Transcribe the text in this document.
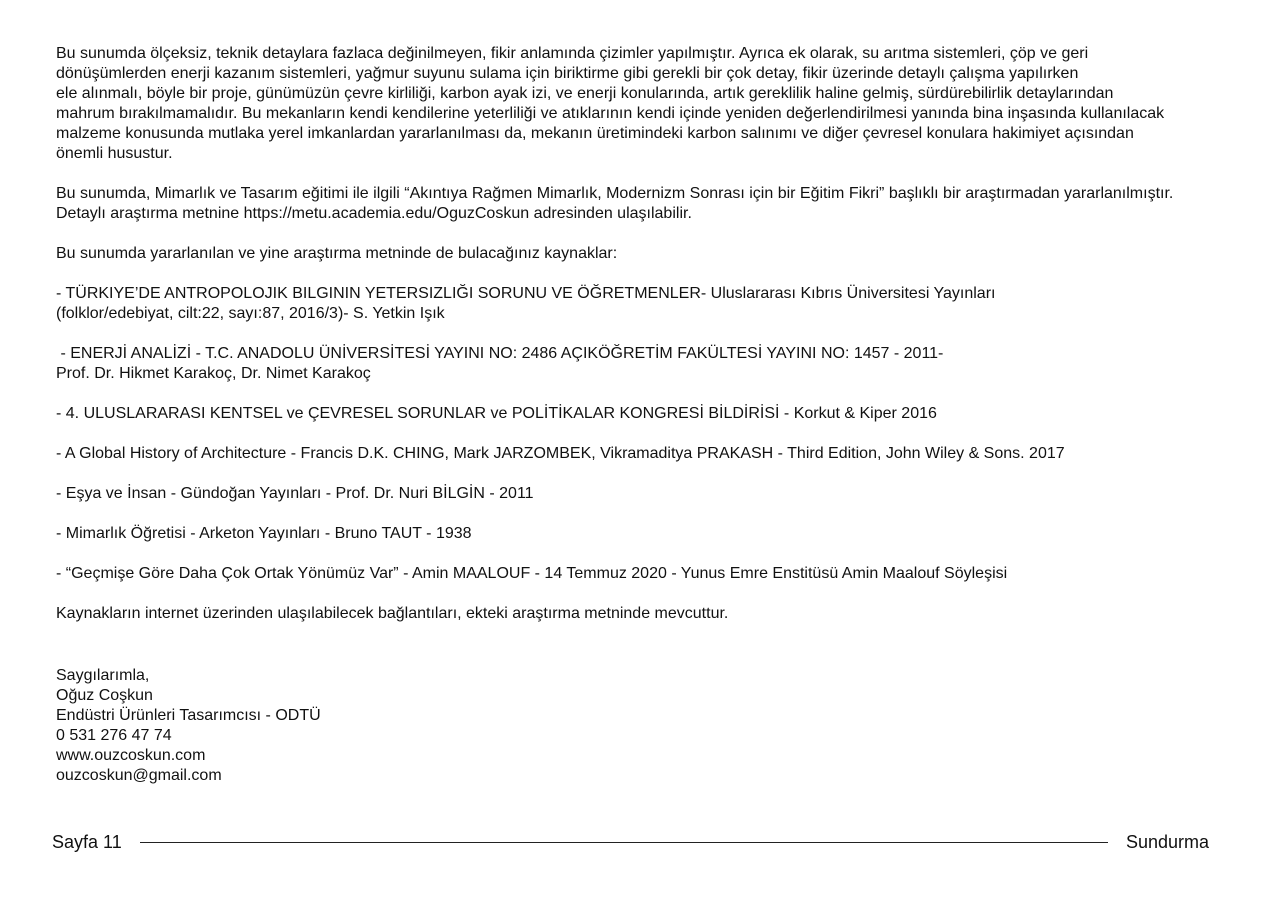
Bu sunumda ölçeksiz, teknik detaylara fazlaca değinilmeyen, fikir anlamında çizimler yapılmıştır. Ayrıca ek olarak, su arıtma sistemleri, çöp ve geri
dönüşümlerden enerji kazanım sistemleri, yağmur suyunu sulama için biriktirme gibi gerekli bir çok detay, fikir üzerinde detaylı çalışma yapılırken
ele alınmalı, böyle bir proje, günümüzün çevre kirliliği, karbon ayak izi, ve enerji konularında, artık gereklilik haline gelmiş, sürdürebilirlik detaylarından
mahrum bırakılmamalıdır. Bu mekanların kendi kendilerine yeterliliği ve atıklarının kendi içinde yeniden değerlendirilmesi yanında bina inşasında kullanılacak
malzeme konusunda mutlaka yerel imkanlardan yararlanılması da, mekanın üretimindeki karbon salınımı ve diğer çevresel konulara hakimiyet açısından
önemli husustur.

Bu sunumda, Mimarlık ve Tasarım eğitimi ile ilgili “Akıntıya Rağmen Mimarlık, Modernizm Sonrası için bir Eğitim Fikri” başlıklı bir araştırmadan yararlanılmıştır.
Detaylı araştırma metnine https://metu.academia.edu/OguzCoskun adresinden ulaşılabilir.

Bu sunumda yararlanılan ve yine araştırma metninde de bulacağınız kaynaklar:

- TÜRKIYE’DE ANTROPOLOJIK BILGININ YETERSIZLIĞI SORUNU VE ÖĞRETMENLER- Uluslararası Kıbrıs Üniversitesi Yayınları
(folklor/edebiyat, cilt:22, sayı:87, 2016/3)- S. Yetkin Işık
- ENERJİ ANALİZİ - T.C. ANADOLU ÜNİVERSİTESİ YAYINI NO: 2486 AÇIKÖĞRETİM FAKÜLTESİ YAYINI NO: 1457 - 2011-
Prof. Dr. Hikmet Karakoç, Dr. Nimet Karakoç
- 4. ULUSLARARASI KENTSEL ve ÇEVRESEL SORUNLAR ve POLİTİKALAR KONGRESİ BİLDİRİSİ - Korkut & Kiper 2016
- A Global History of Architecture - Francis D.K. CHING, Mark JARZOMBEK, Vikramaditya PRAKASH - Third Edition, John Wiley & Sons. 2017
- Eşya ve İnsan - Gündoğan Yayınları - Prof. Dr. Nuri BİLGİN - 2011
- Mimarlık Öğretisi - Arketon Yayınları - Bruno TAUT - 1938
- “Geçmişe Göre Daha Çok Ortak Yönümüz Var” - Amin MAALOUF - 14 Temmuz 2020 - Yunus Emre Enstitüsü Amin Maalouf Söyleşisi

Kaynakların internet üzerinden ulaşılabilecek bağlantıları, ekteki araştırma metninde mevcuttur.

Saygılarımla,
Oğuz Coşkun
Endüstri Ürünleri Tasarımcısı - ODTÜ
0 531 276 47 74
www.ouzcoskun.com
ouzcoskun@gmail.com
Sayfa 11	Sundurma
